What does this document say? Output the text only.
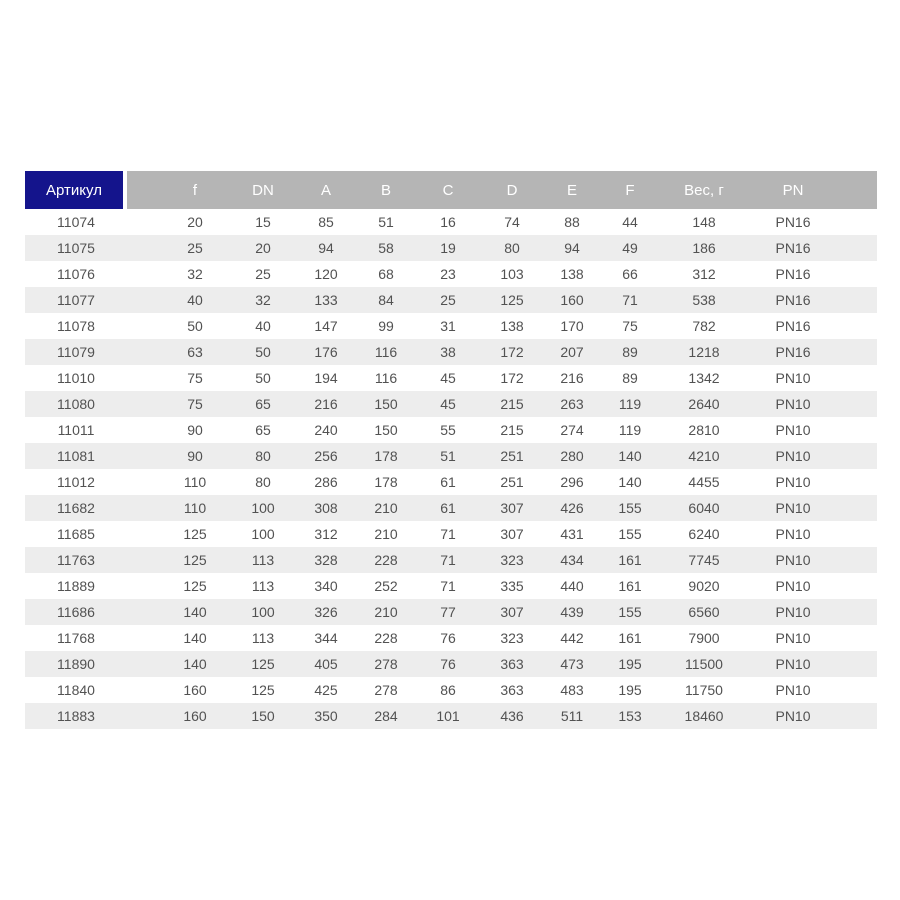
Артикул	f	DN	A	B	C	D	E	F	Вес, г	PN
11074	20	15	85	51	16	74	88	44	148	PN16
11075	25	20	94	58	19	80	94	49	186	PN16
11076	32	25	120	68	23	103	138	66	312	PN16
11077	40	32	133	84	25	125	160	71	538	PN16
11078	50	40	147	99	31	138	170	75	782	PN16
11079	63	50	176	116	38	172	207	89	1218	PN16
11010	75	50	194	116	45	172	216	89	1342	PN10
11080	75	65	216	150	45	215	263	119	2640	PN10
11011	90	65	240	150	55	215	274	119	2810	PN10
11081	90	80	256	178	51	251	280	140	4210	PN10
11012	110	80	286	178	61	251	296	140	4455	PN10
11682	110	100	308	210	61	307	426	155	6040	PN10
11685	125	100	312	210	71	307	431	155	6240	PN10
11763	125	113	328	228	71	323	434	161	7745	PN10
11889	125	113	340	252	71	335	440	161	9020	PN10
11686	140	100	326	210	77	307	439	155	6560	PN10
11768	140	113	344	228	76	323	442	161	7900	PN10
11890	140	125	405	278	76	363	473	195	11500	PN10
11840	160	125	425	278	86	363	483	195	11750	PN10
11883	160	150	350	284	101	436	511	153	18460	PN10
